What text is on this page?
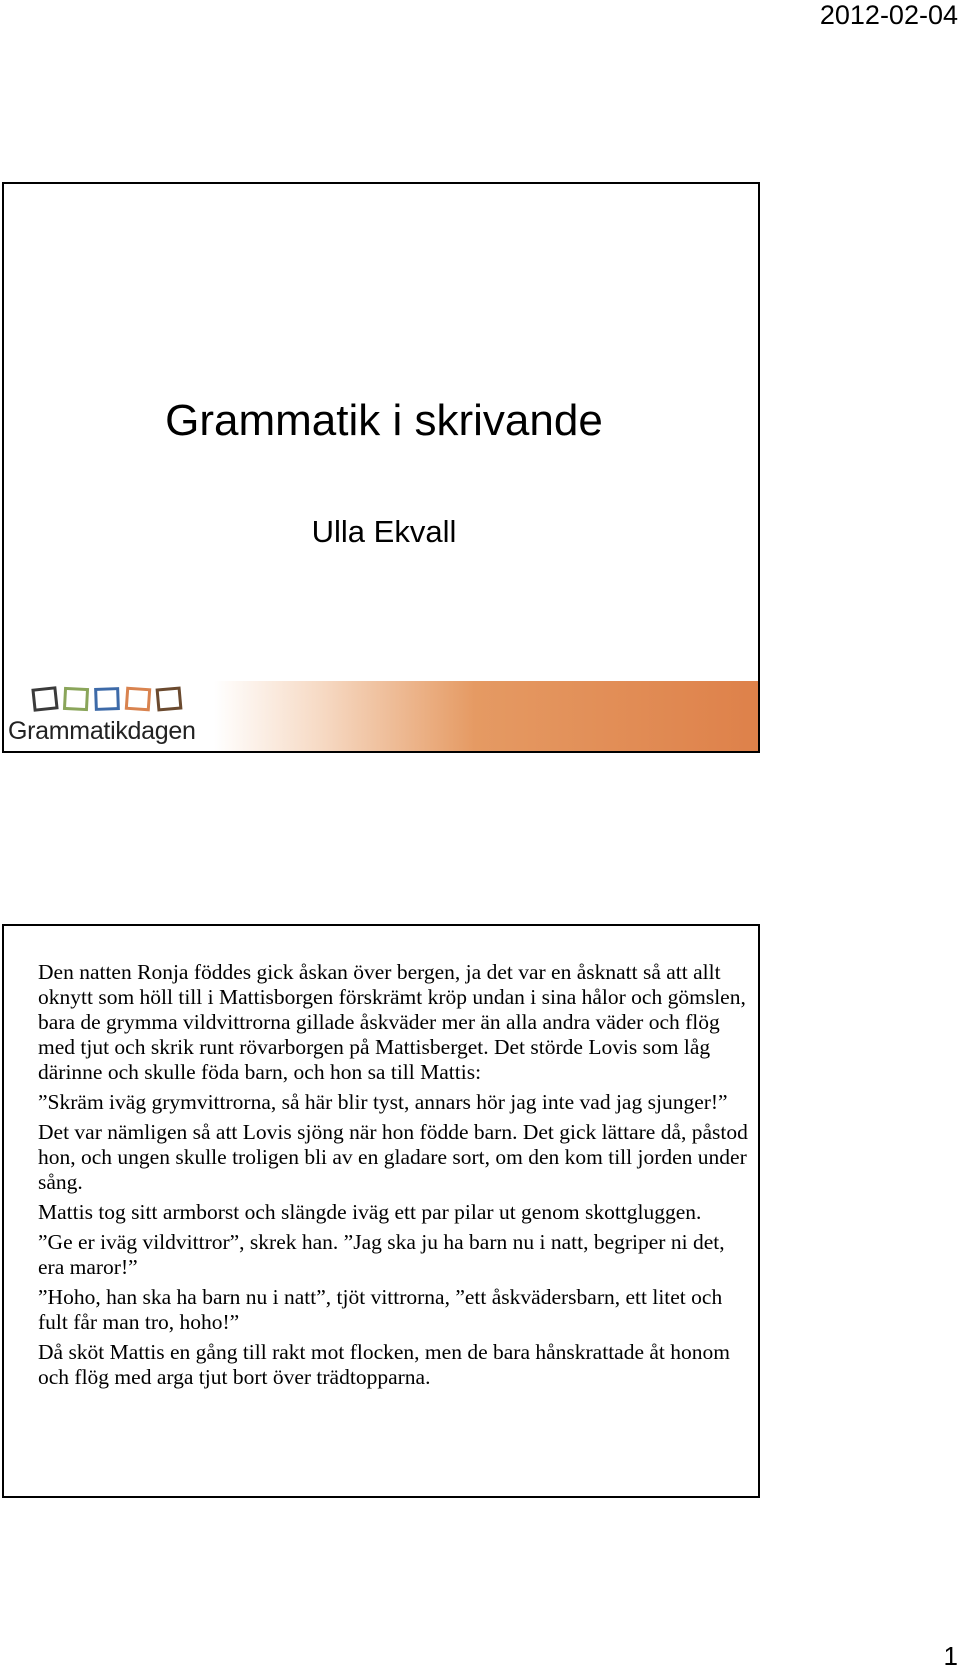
2012-02-04
Grammatik i skrivande
Ulla Ekvall
Grammatikdagen

Den natten Ronja föddes gick åskan över bergen, ja det var en åsknatt så att allt oknytt som höll till i Mattisborgen förskrämt kröp undan i sina hålor och gömslen, bara de grymma vildvittrorna gillade åskväder mer än alla andra väder och flög med tjut och skrik runt rövarborgen på Mattisberget. Det störde Lovis som låg därinne och skulle föda barn, och hon sa till Mattis:

”Skräm iväg grymvittrorna, så här blir tyst, annars hör jag inte vad jag sjunger!”

Det var nämligen så att Lovis sjöng när hon födde barn. Det gick lättare då, påstod hon, och ungen skulle troligen bli av en gladare sort, om den kom till jorden under sång.

Mattis tog sitt armborst och slängde iväg ett par pilar ut genom skottgluggen.

”Ge er iväg vildvittror”, skrek han. ”Jag ska ju ha barn nu i natt, begriper ni det, era maror!”

”Hoho, han ska ha barn nu i natt”, tjöt vittrorna, ”ett åskvädersbarn, ett litet och fult får man tro, hoho!”

Då sköt Mattis en gång till rakt mot flocken, men de bara hånskrattade åt honom och flög med arga tjut bort över trädtopparna.

1
